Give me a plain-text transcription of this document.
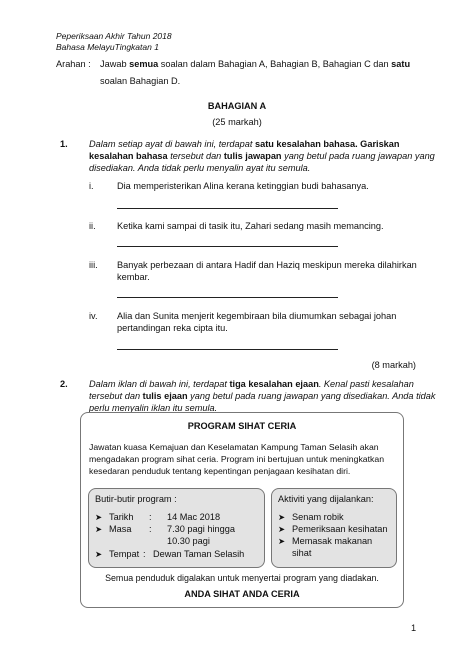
Peperiksaan Akhir Tahun 2018
Bahasa MelayuTingkatan 1
Arahan : Jawab semua soalan dalam Bahagian A, Bahagian B, Bahagian C dan satu
soalan Bahagian D.
BAHAGIAN A
(25 markah)
1. Dalam setiap ayat di bawah ini, terdapat satu kesalahan bahasa. Gariskan
kesalahan bahasa tersebut dan tulis jawapan yang betul pada ruang jawapan yang
disediakan. Anda tidak perlu menyalin ayat itu semula.
i.	Dia memperisterikan Alina kerana ketinggian budi bahasanya.
ii. Ketika kami sampai di tasik itu, Zahari sedang masih memancing.
iii. Banyak perbezaan di antara Hadif dan Haziq meskipun mereka dilahirkan
kembar.
iv. Alia dan Sunita menjerit kegembiraan bila diumumkan sebagai johan
pertandingan reka cipta itu.
(8 markah)
2. Dalam iklan di bawah ini, terdapat tiga kesalahan ejaan. Kenal pasti kesalahan
tersebut dan tulis ejaan yang betul pada ruang jawapan yang disediakan. Anda tidak
perlu menyalin iklan itu semula.
PROGRAM SIHAT CERIA
Jawatan kuasa Kemajuan dan Keselamatan Kampung Taman Selasih akan
mengadakan program sihat ceria. Program ini bertujuan untuk meningkatkan
kesedaran penduduk tentang kepentingan penjagaan kesihatan diri.
Butir-butir program :
➤ Tarikh : 14 Mac 2018
➤ Masa : 7.30 pagi hingga
10.30 pagi
➤ Tempat : Dewan Taman Selasih
Aktiviti yang dijalankan:
➤ Senam robik
➤ Pemeriksaan kesihatan
➤ Memasak makanan
sihat
Semua penduduk digalakan untuk menyertai program yang diadakan.
ANDA SIHAT ANDA CERIA
1
